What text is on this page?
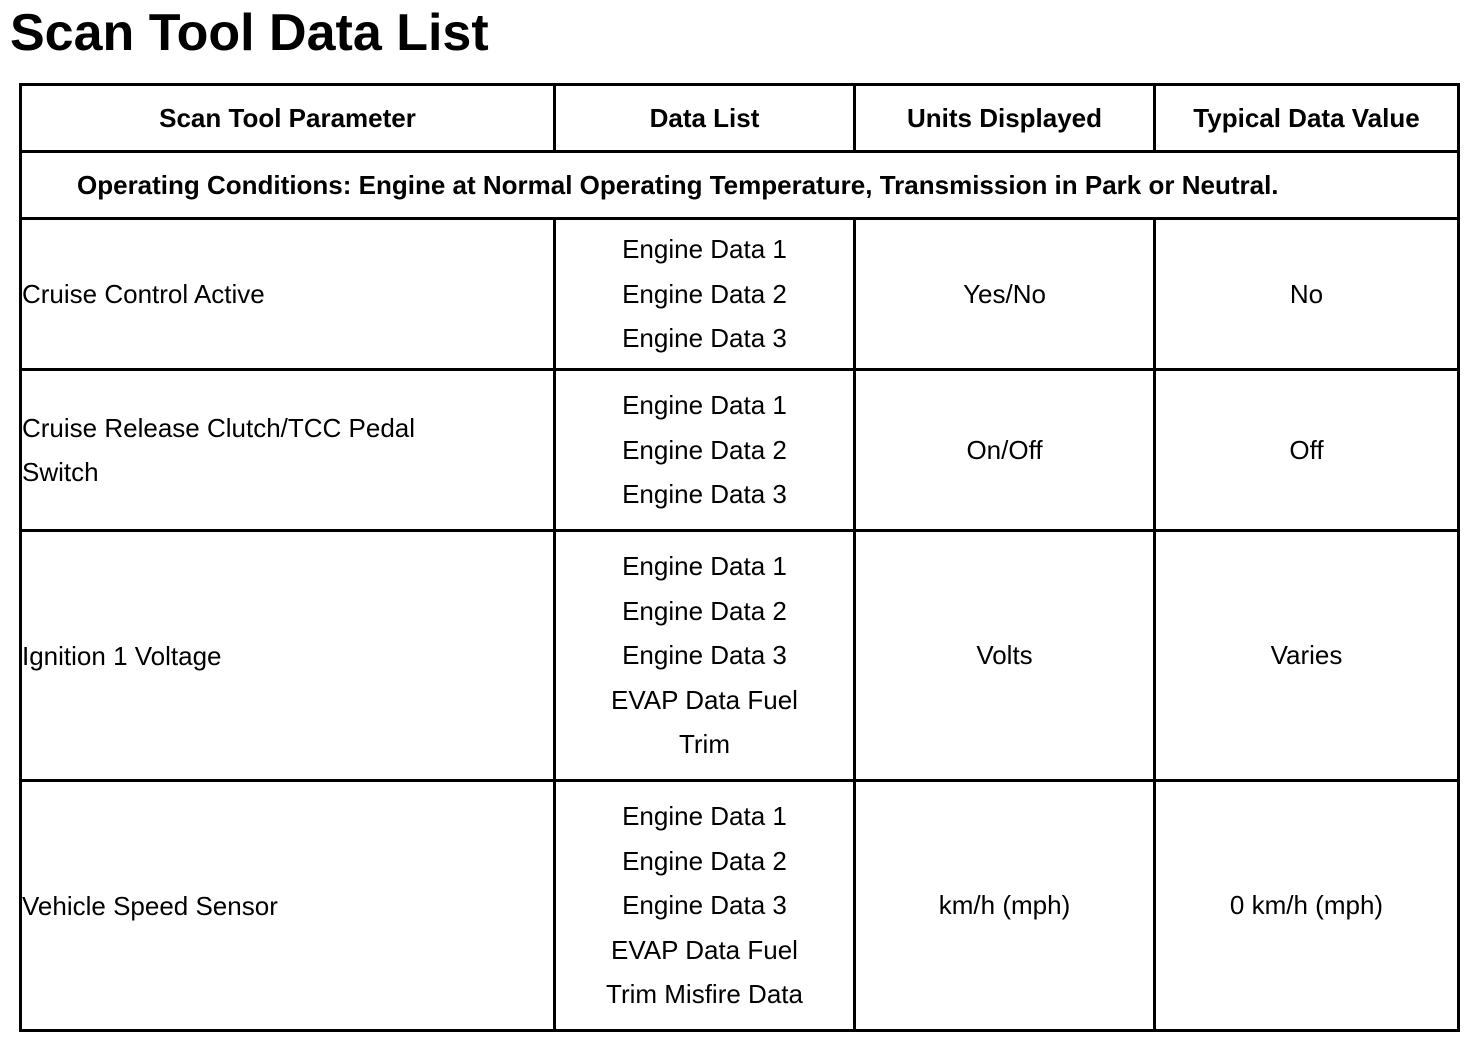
Scan Tool Data List
Scan Tool Parameter	Data List	Units Displayed	Typical Data Value
Operating Conditions: Engine at Normal Operating Temperature, Transmission in Park or Neutral.			
Cruise Control Active	Engine Data 1
Engine Data 2
Engine Data 3	Yes/No	No
Cruise Release Clutch/TCC Pedal Switch	Engine Data 1
Engine Data 2
Engine Data 3	On/Off	Off
Ignition 1 Voltage	Engine Data 1
Engine Data 2
Engine Data 3
EVAP Data Fuel
Trim	Volts	Varies
Vehicle Speed Sensor	Engine Data 1
Engine Data 2
Engine Data 3
EVAP Data Fuel
Trim Misfire Data	km/h (mph)	0 km/h (mph)
